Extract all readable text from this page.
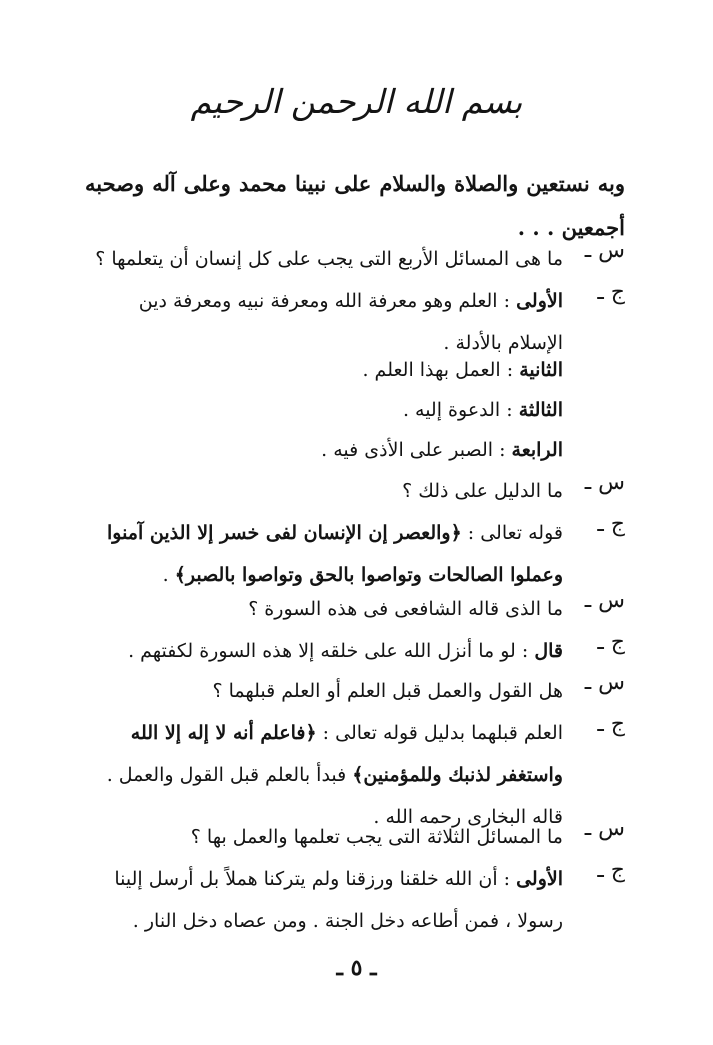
بسم الله الرحمن الرحيم
وبه نستعين والصلاة والسلام على نبينا محمد وعلى آله وصحبه أجمعين . . .
س ـ

ما هى المسائل الأربع التى يجب على كل إنسان أن يتعلمها ؟

ج ـ

الأولى : العلم وهو معرفة الله ومعرفة نبيه ومعرفة دين الإسلام بالأدلة .

الثانية : العمل بهذا العلم .

الثالثة : الدعوة إليه .

الرابعة : الصبر على الأذى فيه .

س ـ

ما الدليل على ذلك ؟

ج ـ

قوله تعالى : ﴿والعصر إن الإنسان لفى خسر إلا الذين آمنوا وعملوا الصالحات وتواصوا بالحق وتواصوا بالصبر﴾ .

س ـ

ما الذى قاله الشافعى فى هذه السورة ؟

ج ـ

قال : لو ما أنزل الله على خلقه إلا هذه السورة لكفتهم .

س ـ

هل القول والعمل قبل العلم أو العلم قبلهما ؟

ج ـ

العلم قبلهما بدليل قوله تعالى : ﴿فاعلم أنه لا إله إلا الله واستغفر لذنبك وللمؤمنين﴾ فبدأ بالعلم قبل القول والعمل . قاله البخارى رحمه الله . س ـ

ما المسائل الثلاثة التى يجب تعلمها والعمل بها ؟

ج ـ

الأولى : أن الله خلقنا ورزقنا ولم يتركنا هملاً بل أرسل إلينا رسولا ، فمن أطاعه دخل الجنة . ومن عصاه دخل النار .

ـ ٥ ـ
